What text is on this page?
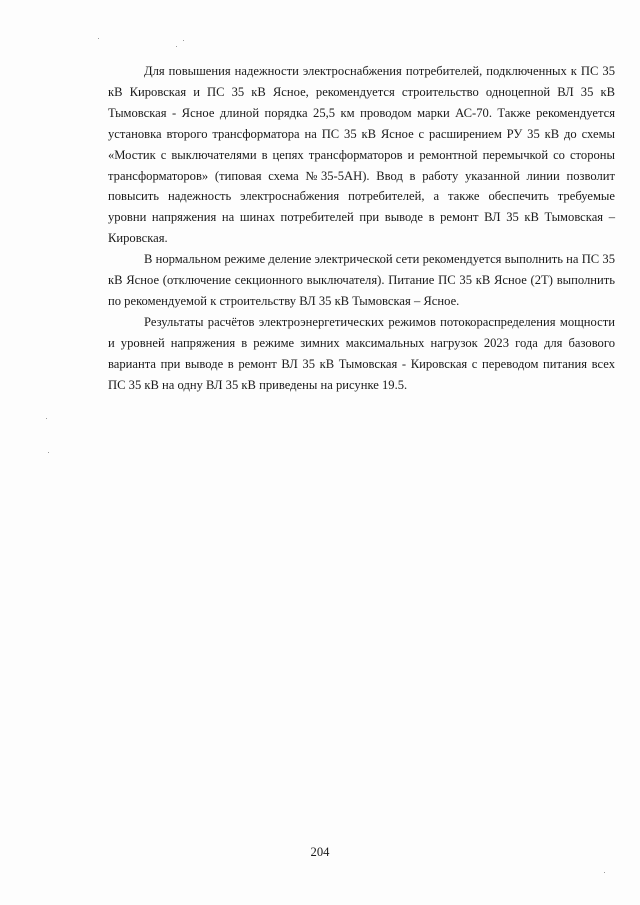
Для повышения надежности электроснабжения потребителей, подключенных к ПС 35 кВ Кировская и ПС 35 кВ Ясное, рекомендуется строительство одноцепной ВЛ 35 кВ Тымовская - Ясное длиной порядка 25,5 км проводом марки АС-70. Также рекомендуется установка второго трансформатора на ПС 35 кВ Ясное с расширением РУ 35 кВ до схемы «Мостик с выключателями в цепях трансформаторов и ремонтной перемычкой со стороны трансформаторов» (типовая схема №35-5АН). Ввод в работу указанной линии позволит повысить надежность электроснабжения потребителей, а также обеспечить требуемые уровни напряжения на шинах потребителей при выводе в ремонт ВЛ 35 кВ Тымовская – Кировская.

В нормальном режиме деление электрической сети рекомендуется выполнить на ПС 35 кВ Ясное (отключение секционного выключателя). Питание ПС 35 кВ Ясное (2Т) выполнить по рекомендуемой к строительству ВЛ 35 кВ Тымовская – Ясное.

Результаты расчётов электроэнергетических режимов потокораспределения мощности и уровней напряжения в режиме зимних максимальных нагрузок 2023 года для базового варианта при выводе в ремонт ВЛ 35 кВ Тымовская - Кировская с переводом питания всех ПС 35 кВ на одну ВЛ 35 кВ приведены на рисунке 19.5.

204
